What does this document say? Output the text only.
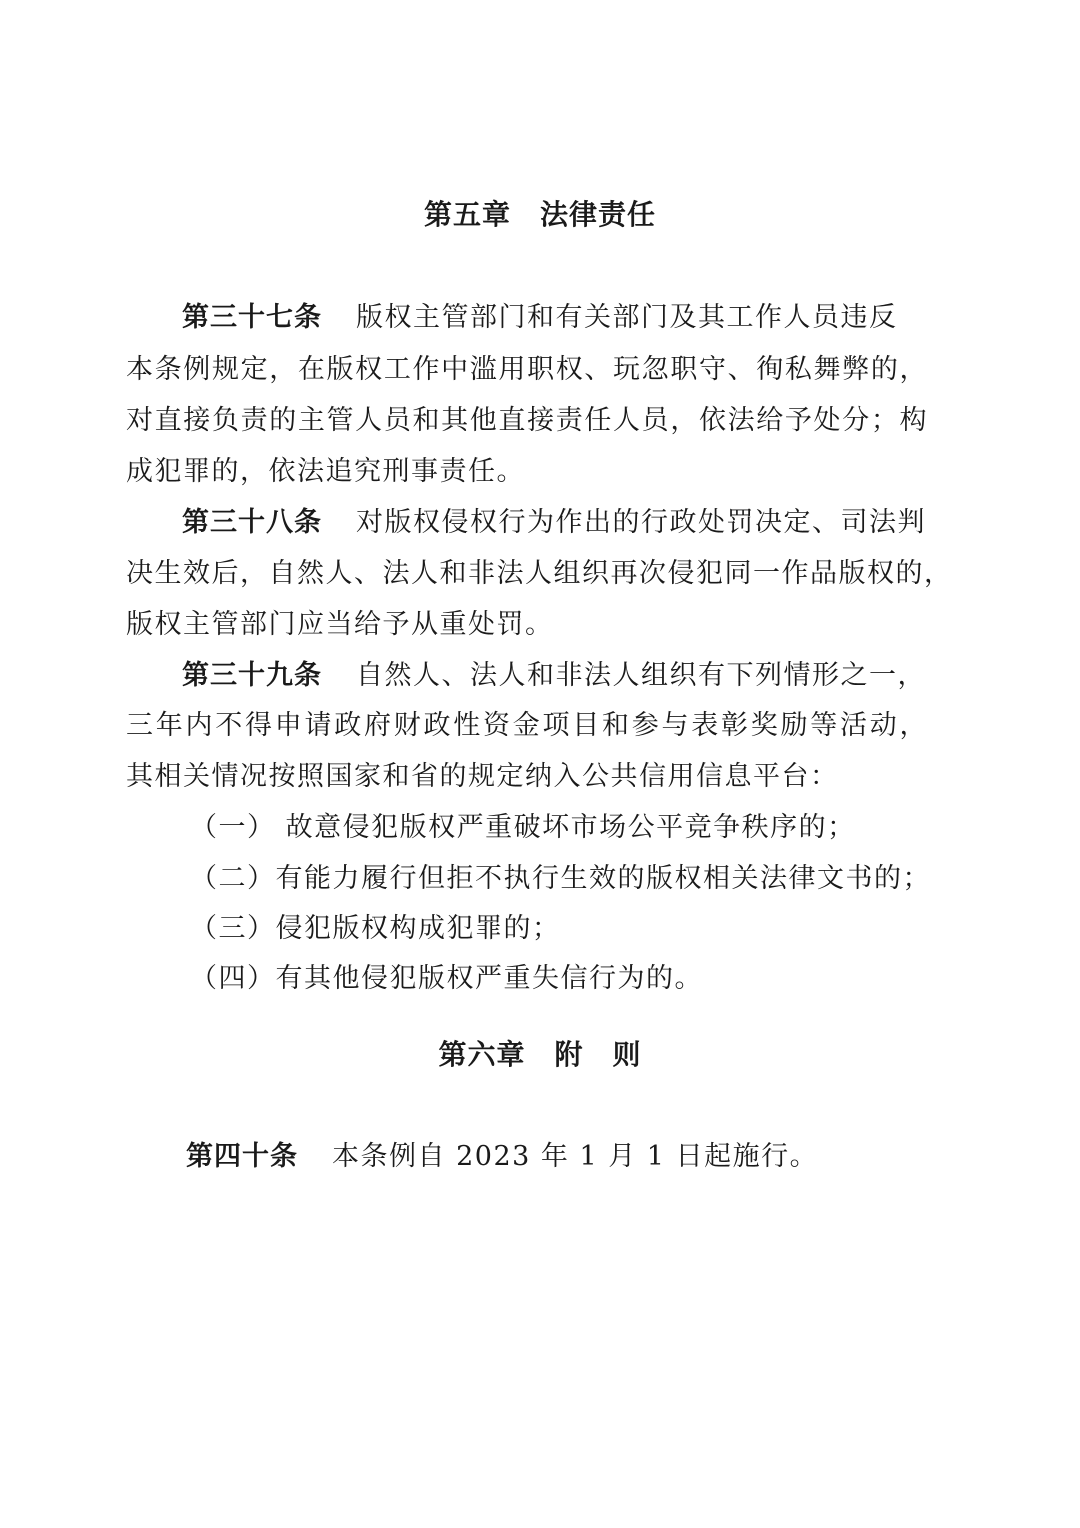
第五章　法律责任
第三十七条 版权主管部门和有关部门及其工作人员违反
本条例规定，在版权工作中滥用职权、玩忽职守、徇私舞弊的，
对直接负责的主管人员和其他直接责任人员，依法给予处分；构
成犯罪的，依法追究刑事责任。
第三十八条 对版权侵权行为作出的行政处罚决定、司法判
决生效后，自然人、法人和非法人组织再次侵犯同一作品版权的，
版权主管部门应当给予从重处罚。
第三十九条 自然人、法人和非法人组织有下列情形之一，
三年内不得申请政府财政性资金项目和参与表彰奖励等活动，
其相关情况按照国家和省的规定纳入公共信用信息平台：
（一） 故意侵犯版权严重破坏市场公平竞争秩序的；
（二）有能力履行但拒不执行生效的版权相关法律文书的；
（三）侵犯版权构成犯罪的；
（四）有其他侵犯版权严重失信行为的。
第六章　附　则
第四十条 本条例自 2023 年 1 月 1 日起施行。
